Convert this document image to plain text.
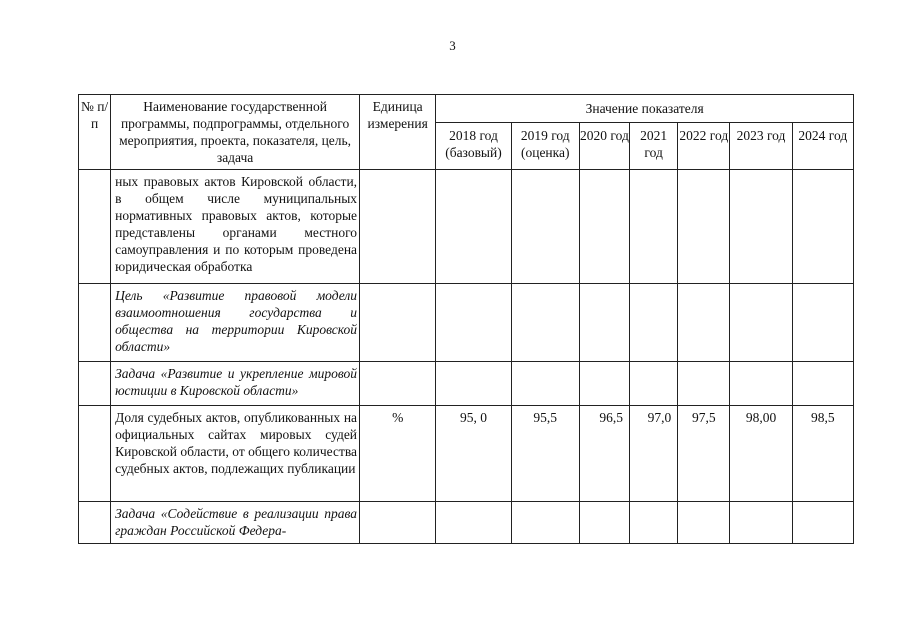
3
№ п/п	Наименование государственной программы, подпрограммы, отдельного мероприятия, проекта, показателя, цель, задача	Единица измерения	Значение показателя						
			2018 год (базовый)	2019 год (оценка)	2020 год	2021 год	2022 год	2023 год	2024 год
	ных правовых актов Кировской области, в общем числе муниципальных нормативных правовых актов, которые представлены органами местного самоуправления и по которым проведена юридическая обработка								
	Цель «Развитие правовой модели взаимоотношения государства и общества на территории Кировской области»								
	Задача «Развитие и укрепление мировой юстиции в Кировской области»								
	Доля судебных актов, опубликованных на официальных сайтах мировых судей Кировской области, от общего количества судебных актов, подлежащих публикации	%	95, 0	95,5	96,5	97,0	97,5	98,00	98,5
	Задача «Содействие в реализации права граждан Российской Федера-								
